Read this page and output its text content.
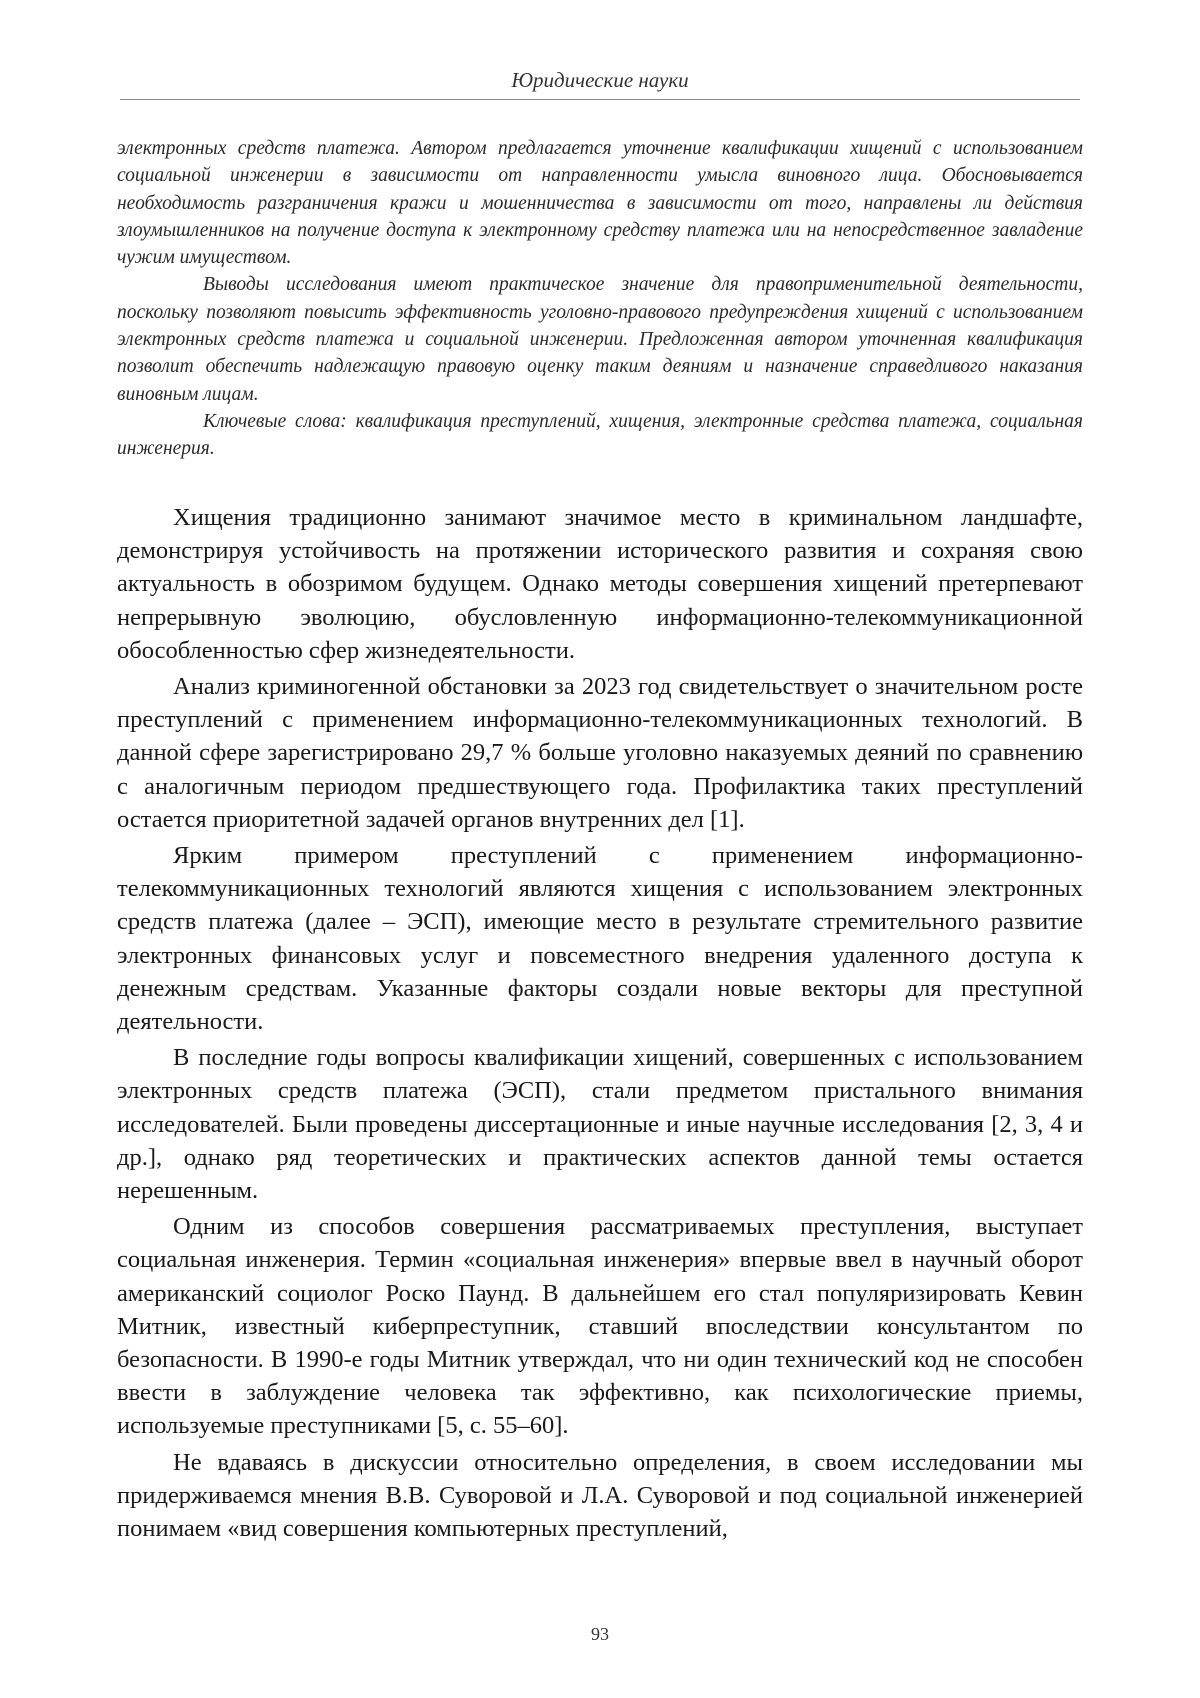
Юридические науки

электронных средств платежа. Автором предлагается уточнение квалификации хищений с использованием социальной инженерии в зависимости от направленности умысла виновного лица. Обосновывается необходимость разграничения кражи и мошенничества в зависимости от того, направлены ли действия злоумышленников на получение доступа к электронному средству платежа или на непосредственное завладение чужим имуществом.

Выводы исследования имеют практическое значение для правоприменительной деятельности, поскольку позволяют повысить эффективность уголовно-правового предупреждения хищений с использованием электронных средств платежа и социальной инженерии. Предложенная автором уточненная квалификация позволит обеспечить надлежащую правовую оценку таким деяниям и назначение справедливого наказания виновным лицам.

Ключевые слова: квалификация преступлений, хищения, электронные средства платежа, социальная инженерия.

Хищения традиционно занимают значимое место в криминальном ландшафте, демонстрируя устойчивость на протяжении исторического развития и сохраняя свою актуальность в обозримом будущем. Однако методы совершения хищений претерпевают непрерывную эволюцию, обусловленную информационно-телекоммуникационной обособленностью сфер жизнедеятельности.

Анализ криминогенной обстановки за 2023 год свидетельствует о значительном росте преступлений с применением информационно-телекоммуникационных технологий. В данной сфере зарегистрировано 29,7 % больше уголовно наказуемых деяний по сравнению с аналогичным периодом предшествующего года. Профилактика таких преступлений остается приоритетной задачей органов внутренних дел [1].

Ярким примером преступлений с применением информационно-телекоммуникационных технологий являются хищения с использованием электронных средств платежа (далее – ЭСП), имеющие место в результате стремительного развитие электронных финансовых услуг и повсеместного внедрения удаленного доступа к денежным средствам. Указанные факторы создали новые векторы для преступной деятельности.

В последние годы вопросы квалификации хищений, совершенных с использованием электронных средств платежа (ЭСП), стали предметом пристального внимания исследователей. Были проведены диссертационные и иные научные исследования [2, 3, 4 и др.], однако ряд теоретических и практических аспектов данной темы остается нерешенным.

Одним из способов совершения рассматриваемых преступления, выступает социальная инженерия. Термин «социальная инженерия» впервые ввел в научный оборот американский социолог Роско Паунд. В дальнейшем его стал популяризировать Кевин Митник, известный киберпреступник, ставший впоследствии консультантом по безопасности. В 1990-е годы Митник утверждал, что ни один технический код не способен ввести в заблуждение человека так эффективно, как психологические приемы, используемые преступниками [5, с. 55–60].

Не вдаваясь в дискуссии относительно определения, в своем исследовании мы придерживаемся мнения В.В. Суворовой и Л.А. Суворовой и под социальной инженерией понимаем «вид совершения компьютерных преступлений,

93
